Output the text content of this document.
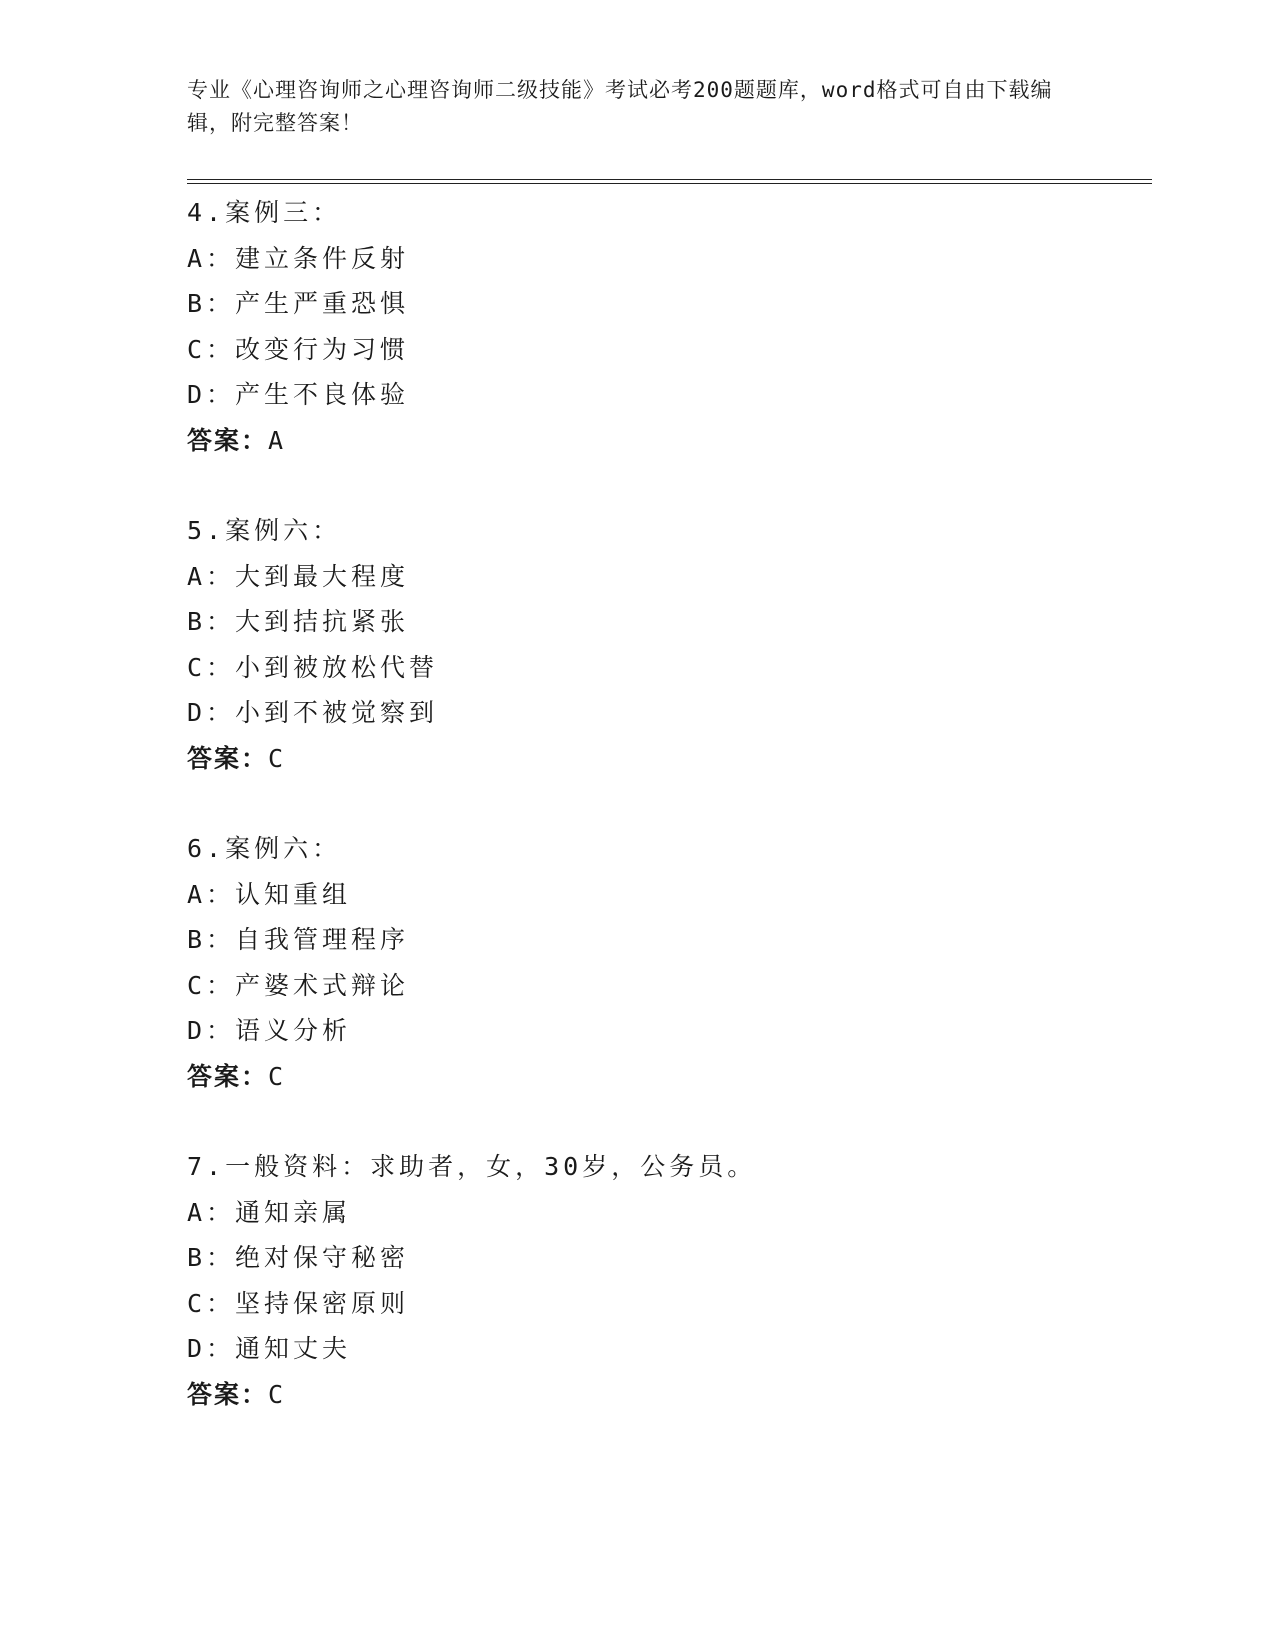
专业《心理咨询师之心理咨询师二级技能》考试必考200题题库，word格式可自由下载编辑，附完整答案！
4.案例三：
A：建立条件反射
B：产生严重恐惧
C：改变行为习惯
D：产生不良体验
答案：A
5.案例六：
A：大到最大程度
B：大到拮抗紧张
C：小到被放松代替
D：小到不被觉察到
答案：C
6.案例六：
A：认知重组
B：自我管理程序
C：产婆术式辩论
D：语义分析
答案：C
7.一般资料：求助者，女，30岁，公务员。
A：通知亲属
B：绝对保守秘密
C：坚持保密原则
D：通知丈夫
答案：C
